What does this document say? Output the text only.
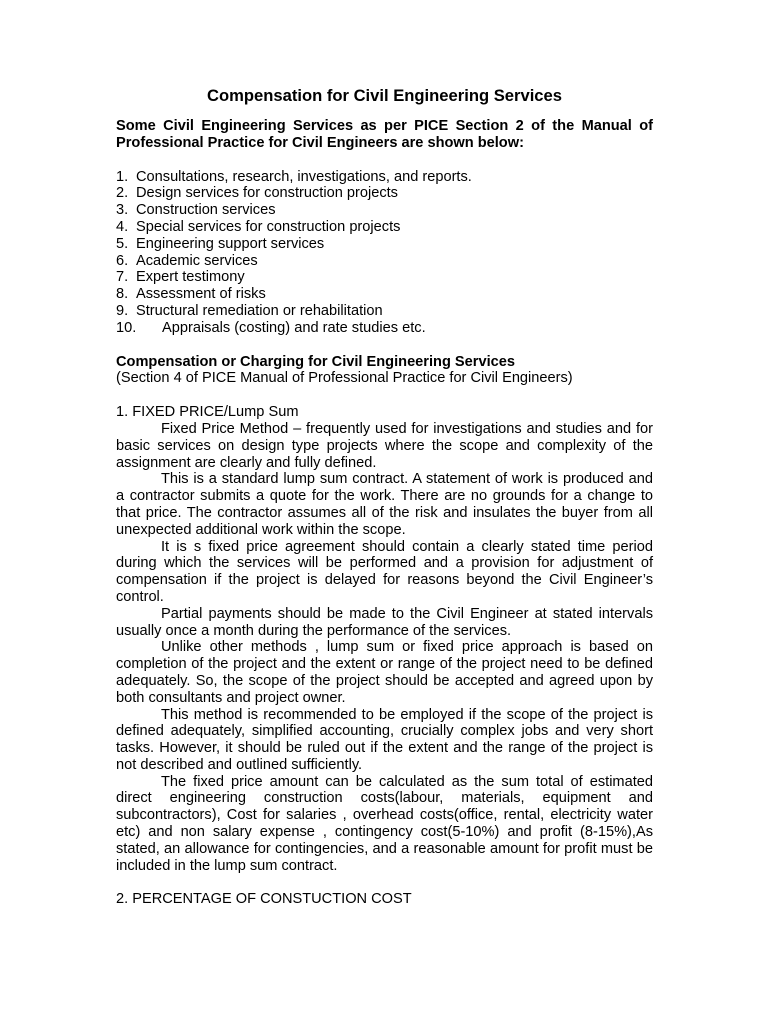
Compensation for Civil Engineering Services
Some Civil Engineering Services as per PICE Section 2 of the Manual of Professional Practice for Civil Engineers are shown below:
1. Consultations, research, investigations, and reports.
2. Design services for construction projects
3. Construction services
4. Special services for construction projects
5. Engineering support services
6. Academic services
7. Expert testimony
8. Assessment of risks
9. Structural remediation or rehabilitation
10.	Appraisals (costing) and rate studies etc.
Compensation or Charging for Civil Engineering Services
(Section 4 of PICE Manual of Professional Practice for Civil Engineers)
1. FIXED PRICE/Lump Sum

Fixed Price Method – frequently used for investigations and studies and for basic services on design type projects where the scope and complexity of the assignment are clearly and fully defined.

This is a standard lump sum contract. A statement of work is produced and a contractor submits a quote for the work. There are no grounds for a change to that price. The contractor assumes all of the risk and insulates the buyer from all unexpected additional work within the scope.

It is s fixed price agreement should contain a clearly stated time period during which the services will be performed and a provision for adjustment of compensation if the project is delayed for reasons beyond the Civil Engineer’s control.

Partial payments should be made to the Civil Engineer at stated intervals usually once a month during the performance of the services.

Unlike other methods , lump sum or fixed price approach is based on completion of the project and the extent or range of the project need to be defined adequately. So, the scope of the project should be accepted and agreed upon by both consultants and project owner.

This method is recommended to be employed if the scope of the project is defined adequately, simplified accounting, crucially complex jobs and very short tasks. However, it should be ruled out if the extent and the range of the project is not described and outlined sufficiently.

The fixed price amount can be calculated as the sum total of estimated direct engineering construction costs(labour, materials, equipment and subcontractors), Cost for salaries , overhead costs(office, rental, electricity water etc) and non salary expense , contingency cost(5-10%) and profit (8-15%),As stated, an allowance for contingencies, and a reasonable amount for profit must be included in the lump sum contract.

2. PERCENTAGE OF CONSTUCTION COST
